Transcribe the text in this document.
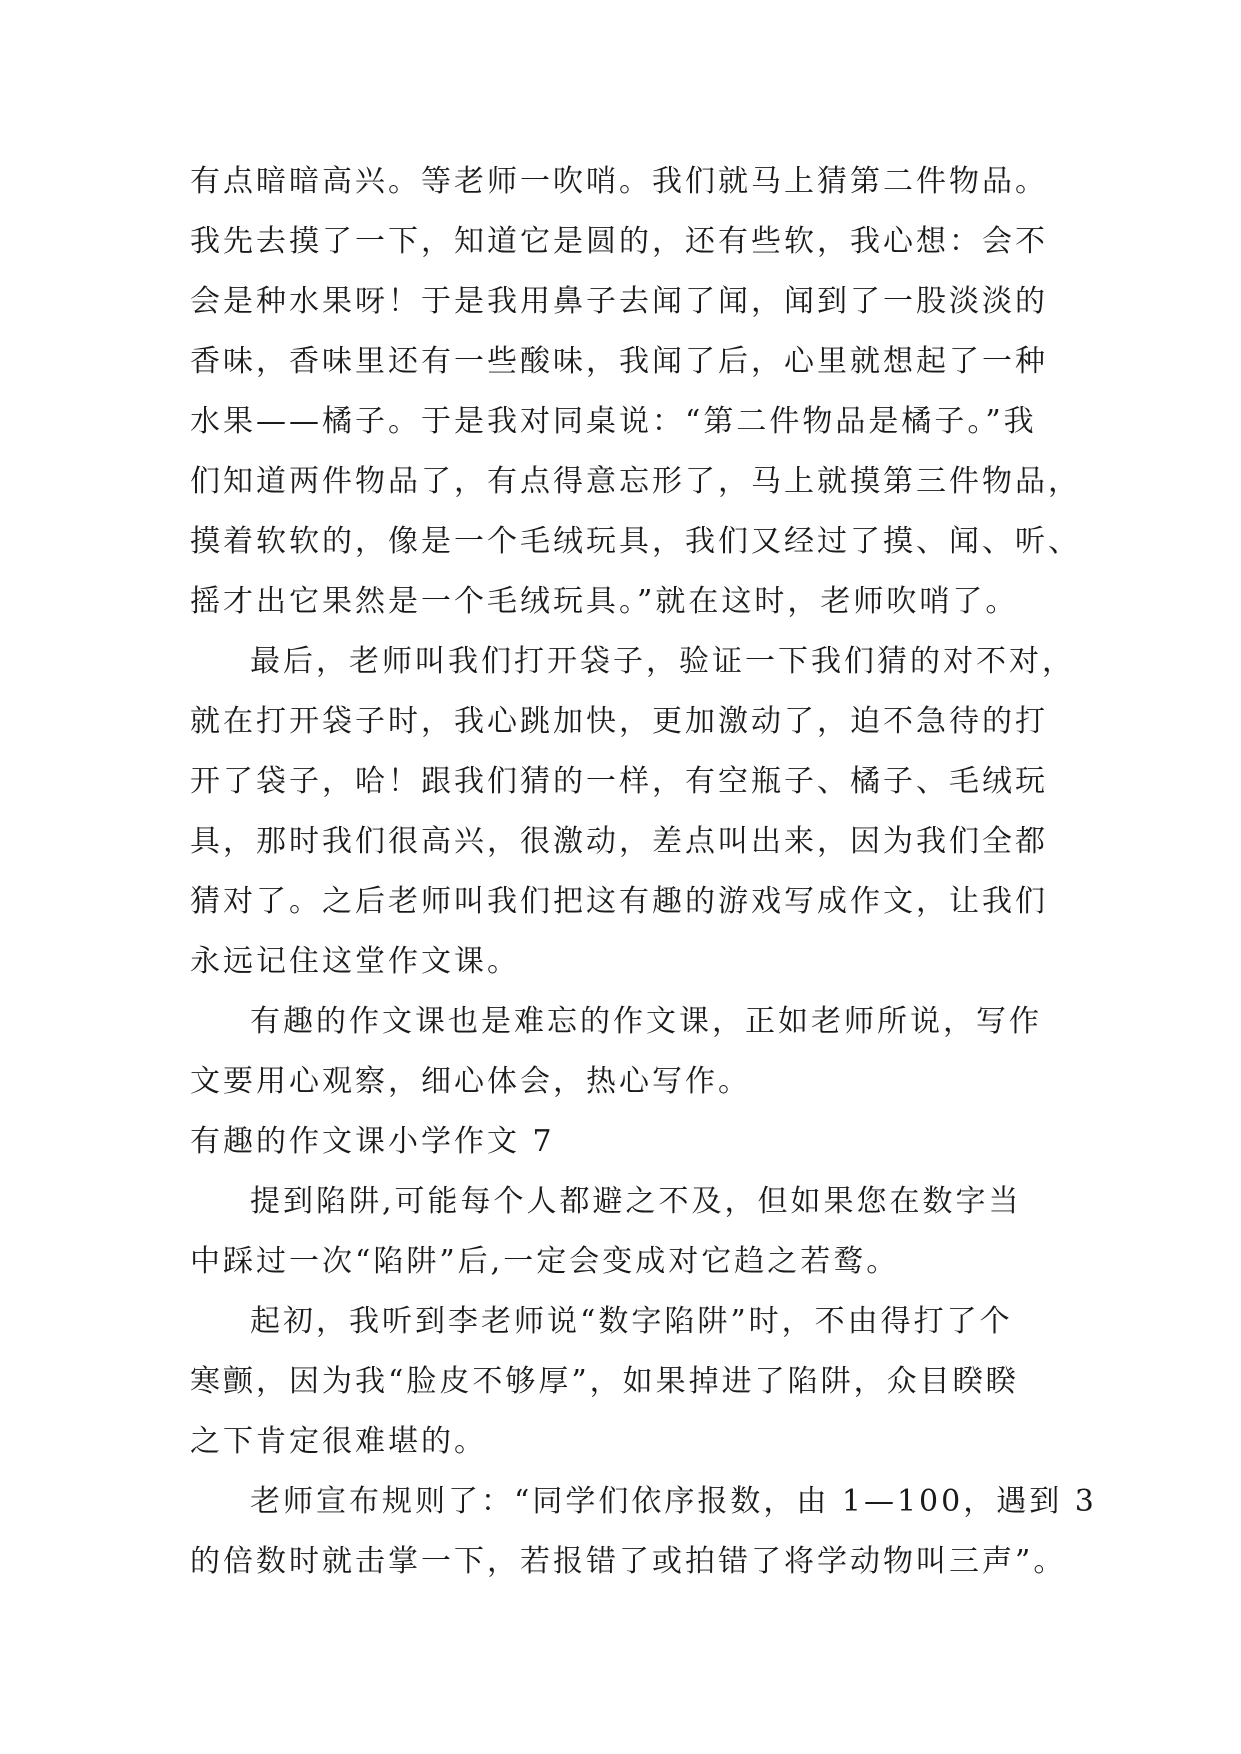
有点暗暗高兴。等老师一吹哨。我们就马上猜第二件物品。
我先去摸了一下，知道它是圆的，还有些软，我心想：会不
会是种水果呀！于是我用鼻子去闻了闻，闻到了一股淡淡的
香味，香味里还有一些酸味，我闻了后，心里就想起了一种
水果——橘子。于是我对同桌说：“第二件物品是橘子。”我
们知道两件物品了，有点得意忘形了，马上就摸第三件物品，
摸着软软的，像是一个毛绒玩具，我们又经过了摸、闻、听、
摇才出它果然是一个毛绒玩具。”就在这时，老师吹哨了。
最后，老师叫我们打开袋子，验证一下我们猜的对不对，
就在打开袋子时，我心跳加快，更加激动了，迫不急待的打
开了袋子，哈！跟我们猜的一样，有空瓶子、橘子、毛绒玩
具，那时我们很高兴，很激动，差点叫出来，因为我们全都
猜对了。之后老师叫我们把这有趣的游戏写成作文，让我们
永远记住这堂作文课。
有趣的作文课也是难忘的作文课，正如老师所说，写作
文要用心观察，细心体会，热心写作。
有趣的作文课小学作文 7
提到陷阱,可能每个人都避之不及，但如果您在数字当
中踩过一次“陷阱”后,一定会变成对它趋之若鹜。
起初，我听到李老师说“数字陷阱”时，不由得打了个
寒颤，因为我“脸皮不够厚”，如果掉进了陷阱，众目睽睽
之下肯定很难堪的。
老师宣布规则了：“同学们依序报数，由 1—100，遇到 3
的倍数时就击掌一下，若报错了或拍错了将学动物叫三声”。
